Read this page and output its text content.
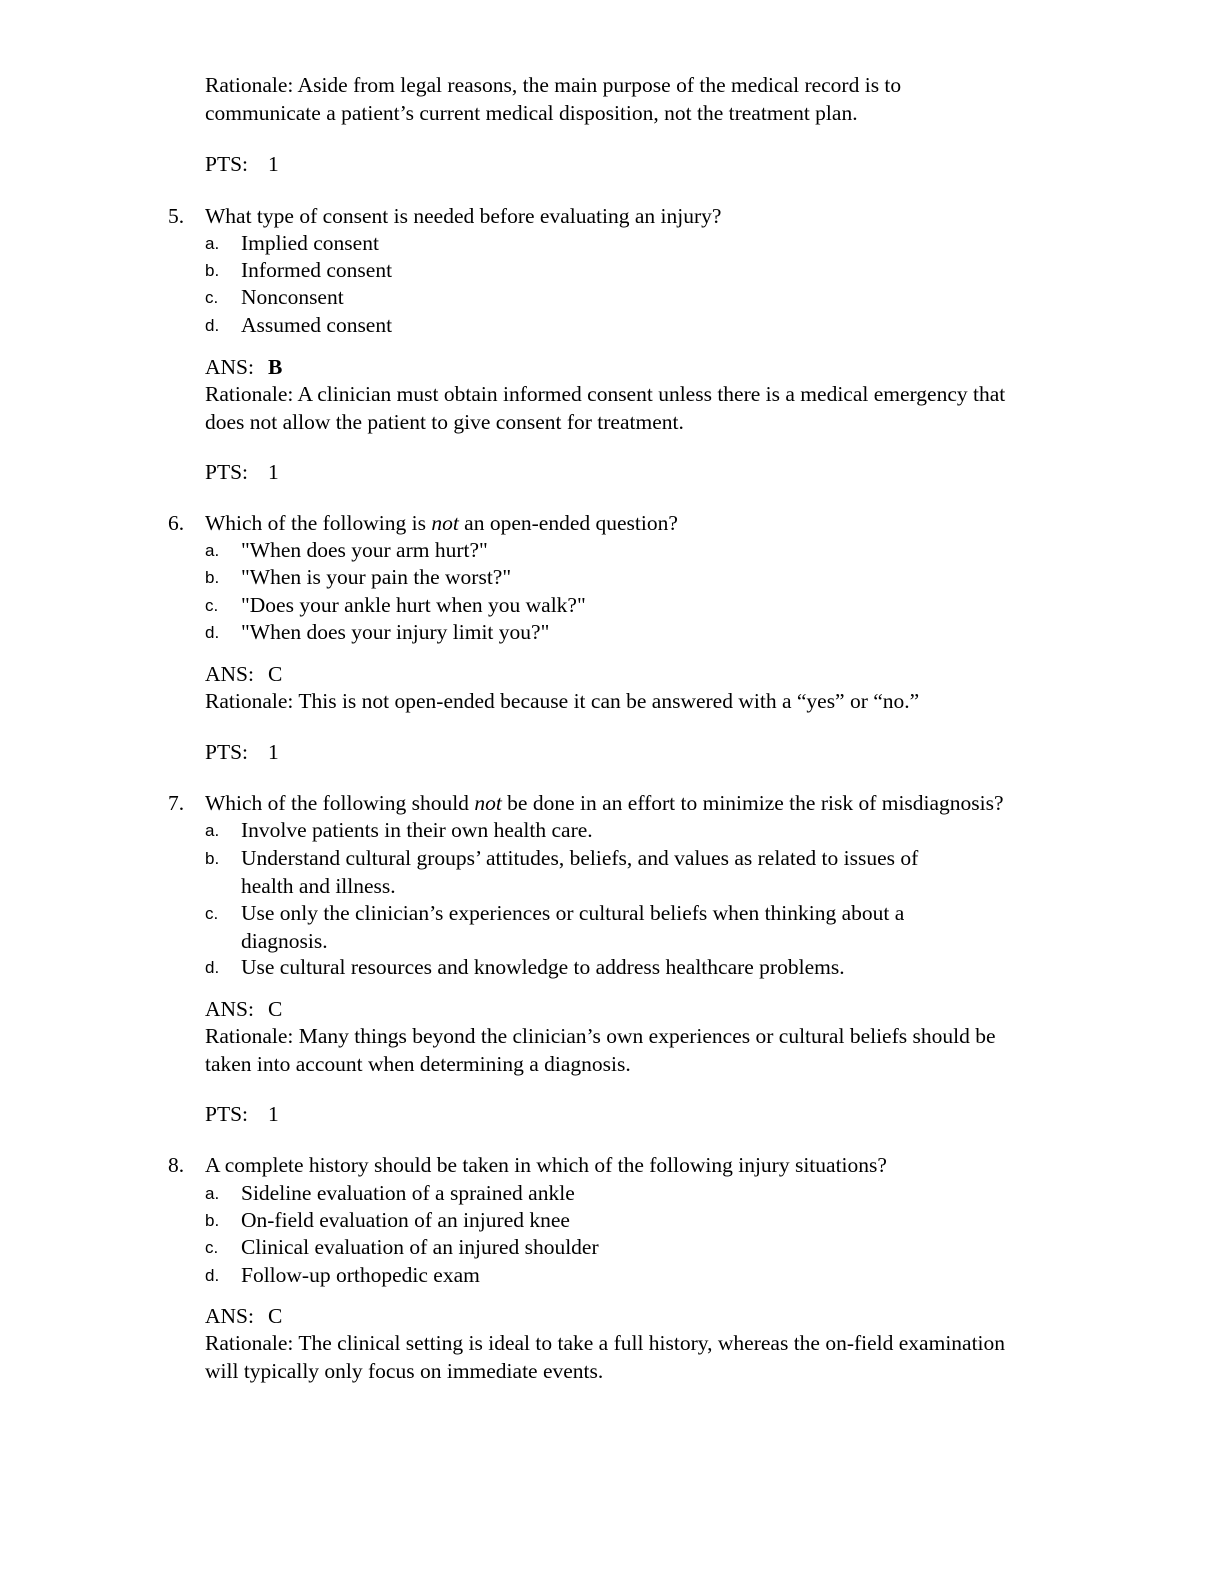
Rationale: Aside from legal reasons, the main purpose of the medical record is to
communicate a patient’s current medical disposition, not the treatment plan.
PTS: 1
5. What type of consent is needed before evaluating an injury?
a. Implied consent
b. Informed consent
c. Nonconsent
d. Assumed consent
ANS: B
Rationale: A clinician must obtain informed consent unless there is a medical emergency that
does not allow the patient to give consent for treatment.
PTS: 1
6. Which of the following is not an open-ended question?
a. "When does your arm hurt?"
b. "When is your pain the worst?"
c. "Does your ankle hurt when you walk?"
d. "When does your injury limit you?"
ANS: C
Rationale: This is not open-ended because it can be answered with a “yes” or “no.”
PTS: 1
7. Which of the following should not be done in an effort to minimize the risk of misdiagnosis?
a. Involve patients in their own health care.
b. Understand cultural groups’ attitudes, beliefs, and values as related to issues of
health and illness.
c. Use only the clinician’s experiences or cultural beliefs when thinking about a
diagnosis.
d. Use cultural resources and knowledge to address healthcare problems.
ANS: C
Rationale: Many things beyond the clinician’s own experiences or cultural beliefs should be
taken into account when determining a diagnosis.
PTS: 1
8. A complete history should be taken in which of the following injury situations?
a. Sideline evaluation of a sprained ankle
b. On-field evaluation of an injured knee
c. Clinical evaluation of an injured shoulder
d. Follow-up orthopedic exam
ANS: C
Rationale: The clinical setting is ideal to take a full history, whereas the on-field examination
will typically only focus on immediate events.
